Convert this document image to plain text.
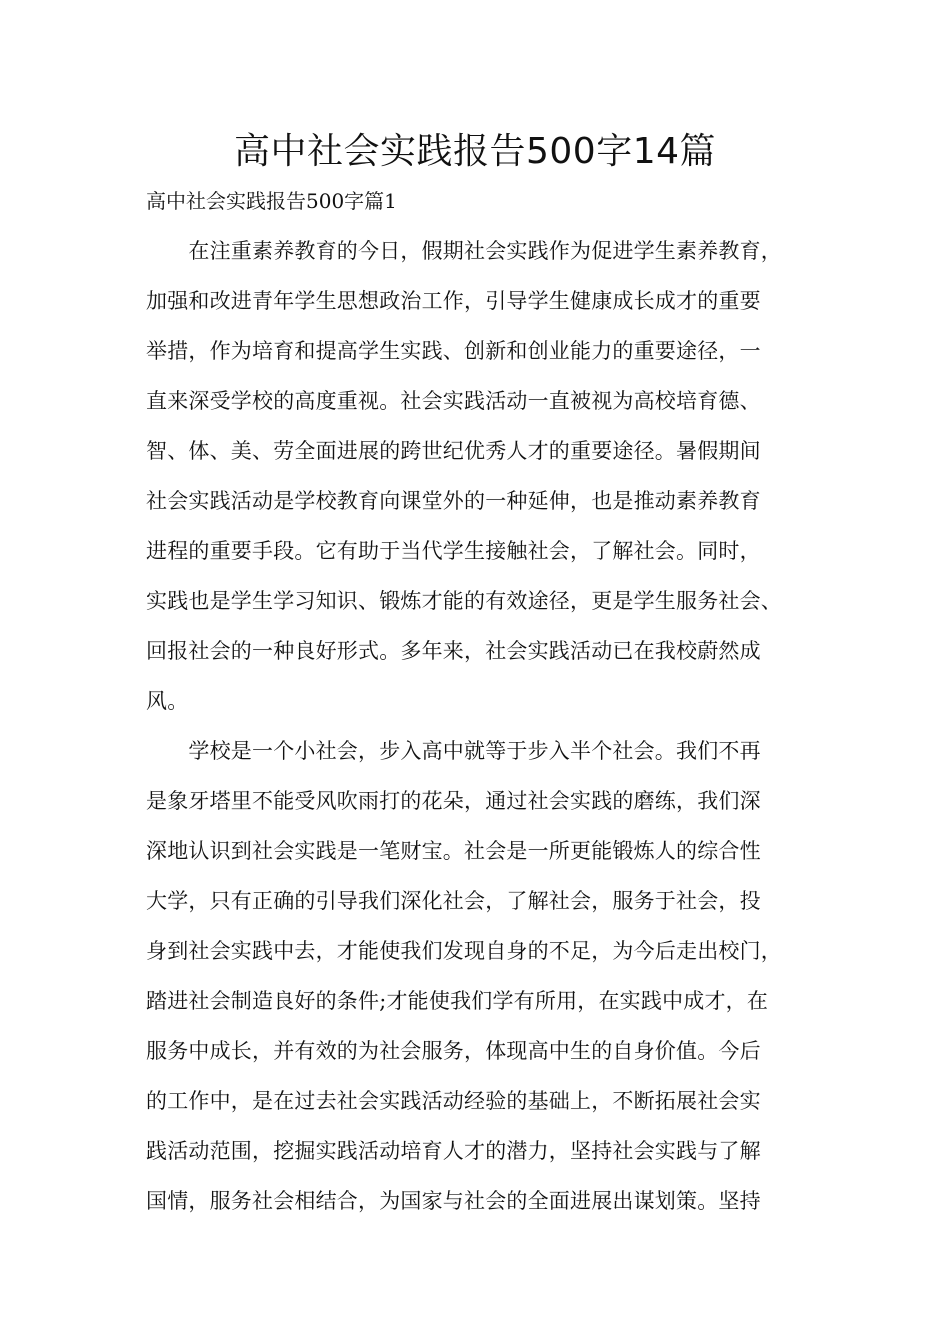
高中社会实践报告500字14篇

高中社会实践报告500字篇1

　　在注重素养教育的今日，假期社会实践作为促进学生素养教育，

加强和改进青年学生思想政治工作，引导学生健康成长成才的重要

举措，作为培育和提高学生实践、创新和创业能力的重要途径，一

直来深受学校的高度重视。社会实践活动一直被视为高校培育德、

智、体、美、劳全面进展的跨世纪优秀人才的重要途径。暑假期间

社会实践活动是学校教育向课堂外的一种延伸，也是推动素养教育

进程的重要手段。它有助于当代学生接触社会，了解社会。同时，

实践也是学生学习知识、锻炼才能的有效途径，更是学生服务社会、

回报社会的一种良好形式。多年来，社会实践活动已在我校蔚然成

风。

　　学校是一个小社会，步入高中就等于步入半个社会。我们不再

是象牙塔里不能受风吹雨打的花朵，通过社会实践的磨练，我们深

深地认识到社会实践是一笔财宝。社会是一所更能锻炼人的综合性

大学，只有正确的引导我们深化社会，了解社会，服务于社会，投

身到社会实践中去，才能使我们发现自身的不足，为今后走出校门，

踏进社会制造良好的条件;才能使我们学有所用，在实践中成才，在

服务中成长，并有效的为社会服务，体现高中生的自身价值。今后

的工作中，是在过去社会实践活动经验的基础上，不断拓展社会实

践活动范围，挖掘实践活动培育人才的潜力，坚持社会实践与了解

国情，服务社会相结合，为国家与社会的全面进展出谋划策。坚持
